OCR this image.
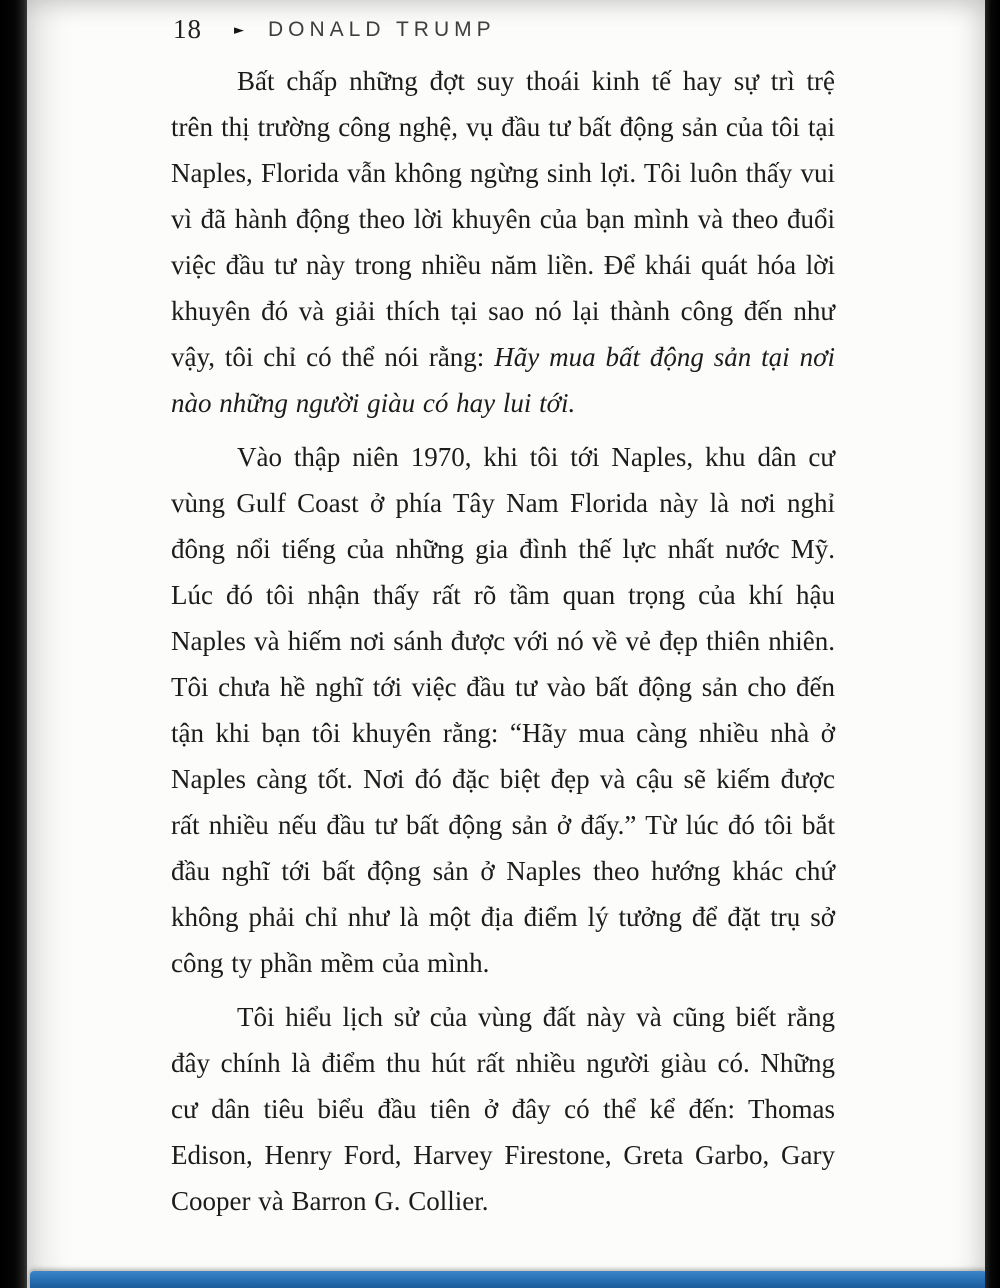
18 ► DONALD TRUMP

Bất chấp những đợt suy thoái kinh tế hay sự trì trệ trên thị trường công nghệ, vụ đầu tư bất động sản của tôi tại Naples, Florida vẫn không ngừng sinh lợi. Tôi luôn thấy vui vì đã hành động theo lời khuyên của bạn mình và theo đuổi việc đầu tư này trong nhiều năm liền. Để khái quát hóa lời khuyên đó và giải thích tại sao nó lại thành công đến như vậy, tôi chỉ có thể nói rằng: Hãy mua bất động sản tại nơi nào những người giàu có hay lui tới.

Vào thập niên 1970, khi tôi tới Naples, khu dân cư vùng Gulf Coast ở phía Tây Nam Florida này là nơi nghỉ đông nổi tiếng của những gia đình thế lực nhất nước Mỹ. Lúc đó tôi nhận thấy rất rõ tầm quan trọng của khí hậu Naples và hiếm nơi sánh được với nó về vẻ đẹp thiên nhiên. Tôi chưa hề nghĩ tới việc đầu tư vào bất động sản cho đến tận khi bạn tôi khuyên rằng: “Hãy mua càng nhiều nhà ở Naples càng tốt. Nơi đó đặc biệt đẹp và cậu sẽ kiếm được rất nhiều nếu đầu tư bất động sản ở đấy.” Từ lúc đó tôi bắt đầu nghĩ tới bất động sản ở Naples theo hướng khác chứ không phải chỉ như là một địa điểm lý tưởng để đặt trụ sở công ty phần mềm của mình.

Tôi hiểu lịch sử của vùng đất này và cũng biết rằng đây chính là điểm thu hút rất nhiều người giàu có. Những cư dân tiêu biểu đầu tiên ở đây có thể kể đến: Thomas Edison, Henry Ford, Harvey Firestone, Greta Garbo, Gary Cooper và Barron G. Collier.
